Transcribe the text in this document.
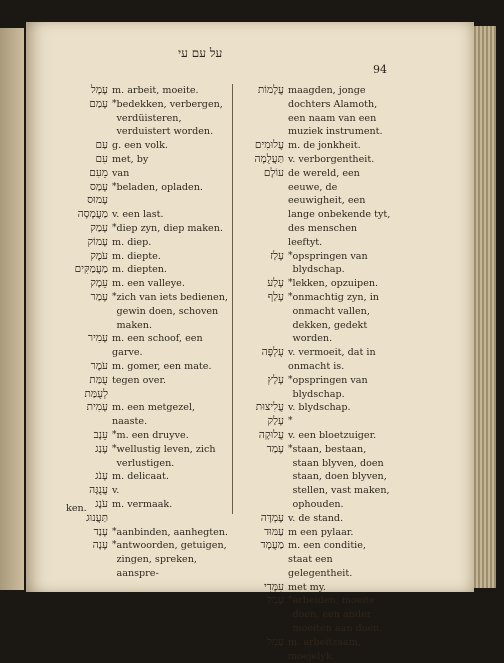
על עם עי
94
עָמָל m. arbeit, moeite.
עָמַם * bedekken, verbergen, verdüisteren, verduistert worden.
עַם g. een volk.
עִם met, by
מֵעִם van
עָמַס * beladen, opladen.
עָמוּס
מַעֲמָסָה v. een last.
עָמַק * diep zyn, diep maken.
עָמוֹק m. diep.
עֹמֶק m. diepte.
מַעֲמַקִּים m. diepten.
עֵמֶק m. een valleye.
עָמַר * zich van iets bedienen, gewin doen, schoven maken.
עָמִיר m. een schoof, een garve.
עֹמֶר m. gomer, een mate.
עֻמַּת tegen over.
לְעֻמַּת
עָמִית m. een metgezel, naaste.
עֵנָב * m. een druyve.
עָנַג * wellustig leven, zich verlustigen.
עָנֹג m. delicaat.
עֲנֻגָּה v.
עֹנֶג m. vermaak.
תַּעֲנוּג
עָנַד * aanbinden, aanhegten.
עָנָה * antwoorden, getuigen, zingen, spreken, aanspre-
עֲלָמוֹת maagden, jonge dochters Alamoth, een naam van een muziek instrument.
עֲלוּמִים m. de jonkheit.
תַּעֲלֻמָה v. verborgentheit.
עוֹלָם de wereld, een eeuwe, de eeuwigheit, een lange onbekende tyt, des menschen leeftyt.
עָלַז * opspringen van blydschap.
עָלַע * lekken, opzuipen.
עָלַף * onmachtig zyn, in onmacht vallen, dekken, gedekt worden.
עֻלְפֶּה v. vermoeit, dat in onmacht is.
עָלַץ * opspringen van blydschap.
עֲלִיצוּת v. blydschap.
עָלַק *
עֲלוּקָה v. een bloetzuiger.
עָמַד * staan, bestaan, staan blyven, doen staan, doen blyven, stellen, vast maken, ophouden.
עֶמְדָּה v. de stand.
עַמּוּד m een pylaar.
מַעֲמָד m. een conditie, staat een gelegentheit.
עִמָּדִי met my.
עָמַל * arbeiden, moeite doen, een ander moeiten aan doen.
עָמֵל m. arbeitzaam, moejelyk.
ken.
